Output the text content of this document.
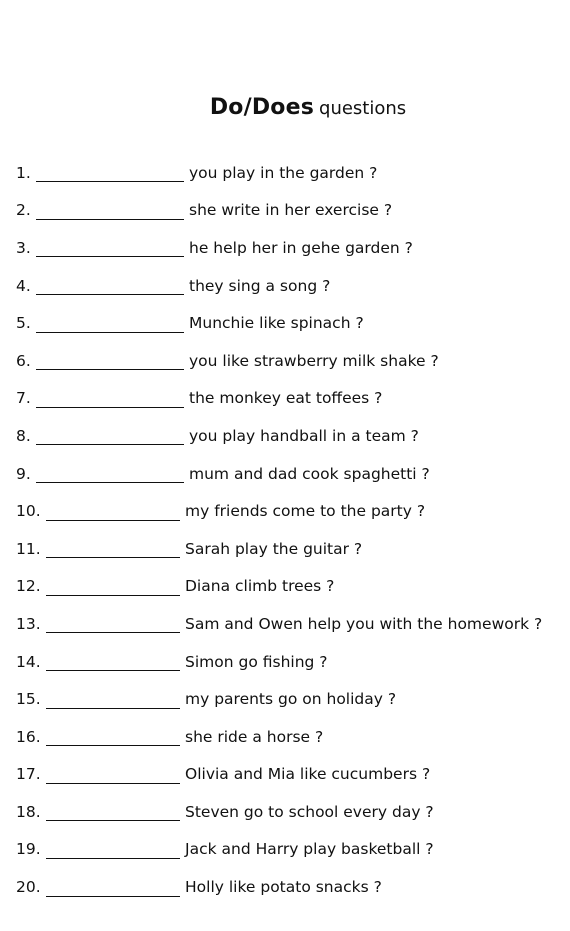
Do/Does questions
1.	you play in the garden ?
2.	she write in her exercise ?
3.	he help her in gehe garden ?
4.	they sing a song ?
5.	Munchie like spinach ?
6.	you like strawberry milk shake ?
7.	the monkey eat toffees ?
8.	you play handball in a team ?
9.	mum and dad cook spaghetti ?
10.	my friends come to the party ?
11.	Sarah play the guitar ?
12.	Diana climb trees ?
13.	Sam and Owen help you with the homework ?
14.	Simon go fishing ?
15.	my parents go on holiday ?
16.	she ride a horse ?
17.	Olivia and Mia like cucumbers ?
18.	Steven go to school every day ?
19.	Jack and Harry play basketball ?
20.	Holly like potato snacks ?
